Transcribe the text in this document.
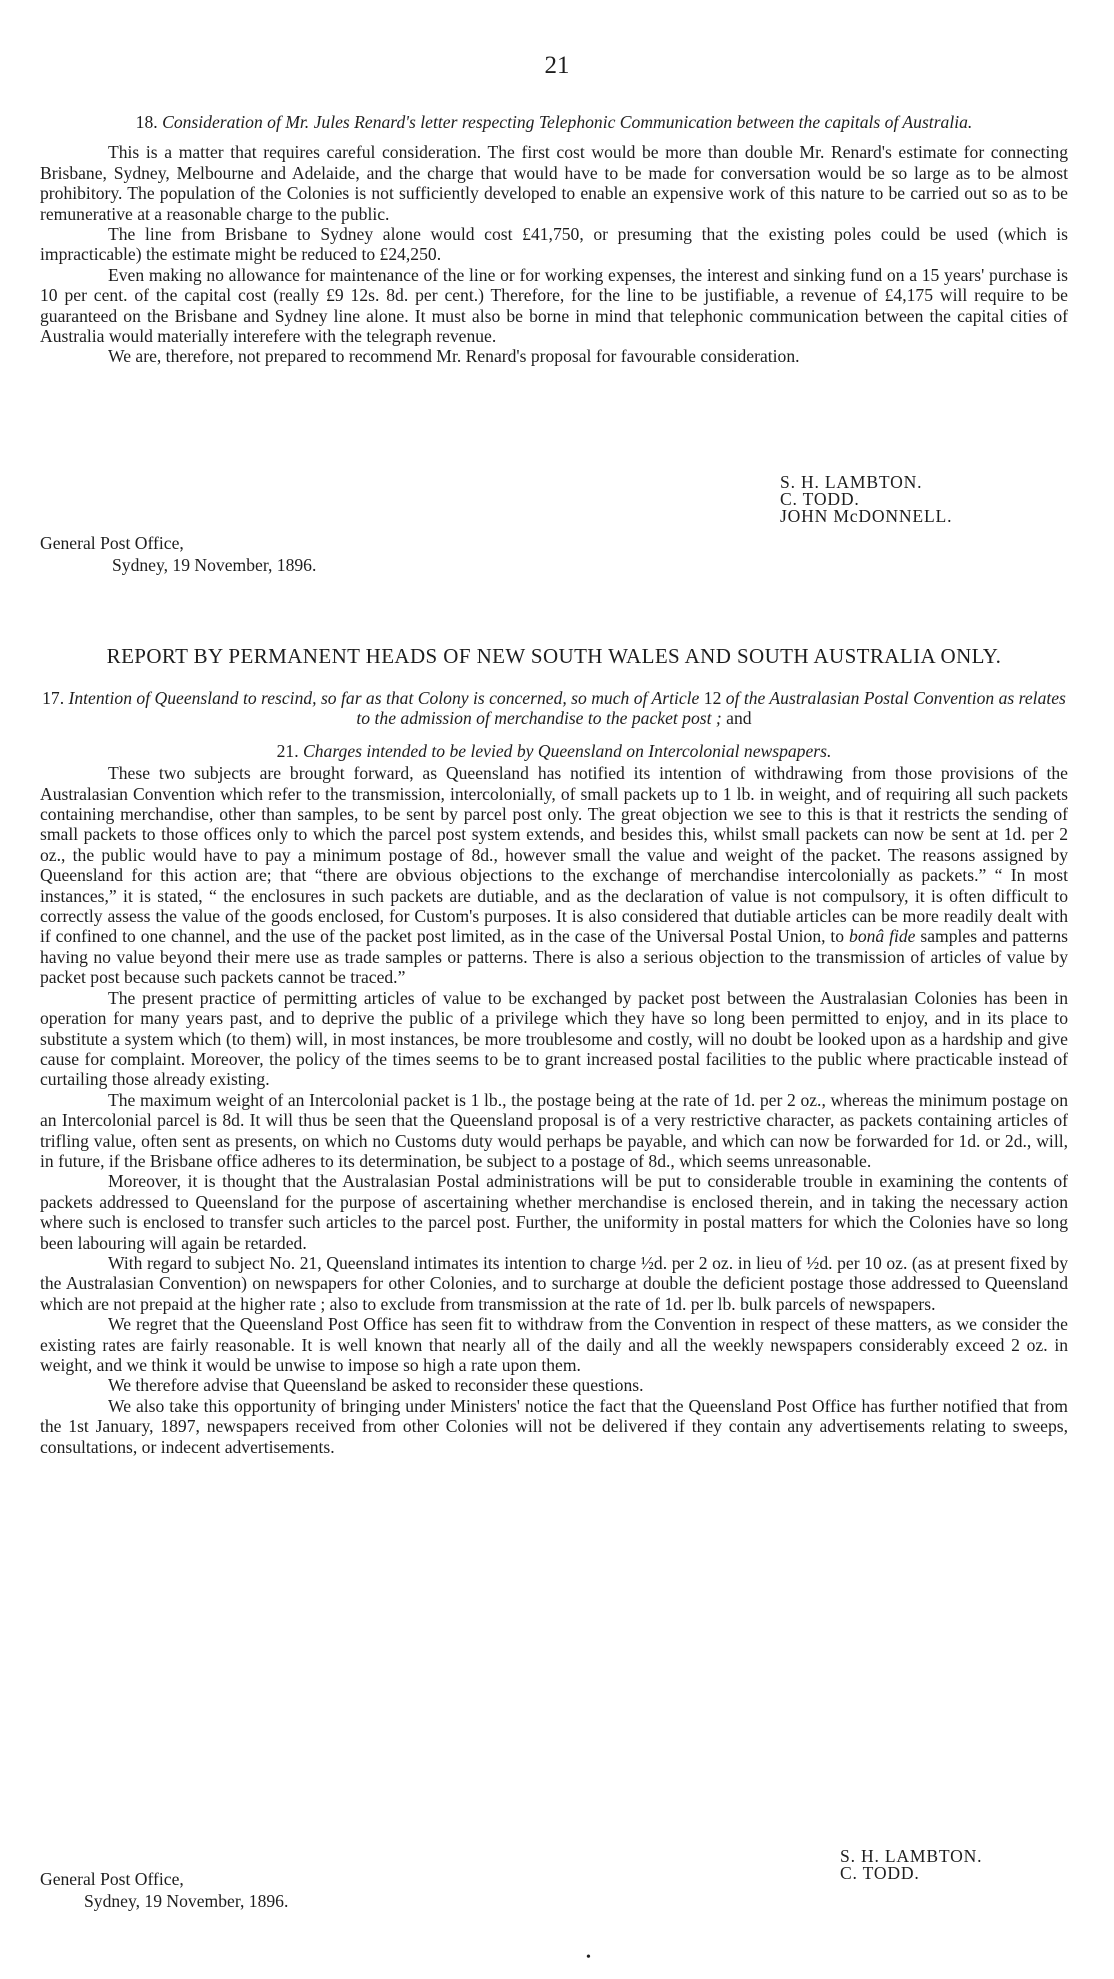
21

18. Consideration of Mr. Jules Renard's letter respecting Telephonic Communication between the capitals of Australia.

This is a matter that requires careful consideration. The first cost would be more than double Mr. Renard's estimate for connecting Brisbane, Sydney, Melbourne and Adelaide, and the charge that would have to be made for conversation would be so large as to be almost prohibitory. The population of the Colonies is not sufficiently developed to enable an expensive work of this nature to be carried out so as to be remunerative at a reasonable charge to the public.

The line from Brisbane to Sydney alone would cost £41,750, or presuming that the existing poles could be used (which is impracticable) the estimate might be reduced to £24,250.

Even making no allowance for maintenance of the line or for working expenses, the interest and sinking fund on a 15 years' purchase is 10 per cent. of the capital cost (really £9 12s. 8d. per cent.) Therefore, for the line to be justifiable, a revenue of £4,175 will require to be guaranteed on the Brisbane and Sydney line alone. It must also be borne in mind that telephonic communication between the capital cities of Australia would materially interefere with the telegraph revenue.

We are, therefore, not prepared to recommend Mr. Renard's proposal for favourable consideration.

S. H. LAMBTON.
C. TODD.
JOHN McDONNELL.
General Post Office,
Sydney, 19 November, 1896.

REPORT BY PERMANENT HEADS OF NEW SOUTH WALES AND SOUTH AUSTRALIA ONLY.

17. Intention of Queensland to rescind, so far as that Colony is concerned, so much of Article 12 of the Australasian Postal Convention as relates to the admission of merchandise to the packet post ; and

21. Charges intended to be levied by Queensland on Intercolonial newspapers.

These two subjects are brought forward, as Queensland has notified its intention of withdrawing from those provisions of the Australasian Convention which refer to the transmission, intercolonially, of small packets up to 1 lb. in weight, and of requiring all such packets containing merchandise, other than samples, to be sent by parcel post only. The great objection we see to this is that it restricts the sending of small packets to those offices only to which the parcel post system extends, and besides this, whilst small packets can now be sent at 1d. per 2 oz., the public would have to pay a minimum postage of 8d., however small the value and weight of the packet. The reasons assigned by Queensland for this action are; that “there are obvious objections to the exchange of merchandise intercolonially as packets.” “ In most instances,” it is stated, “ the enclosures in such packets are dutiable, and as the declaration of value is not compulsory, it is often difficult to correctly assess the value of the goods enclosed, for Custom's purposes. It is also considered that dutiable articles can be more readily dealt with if confined to one channel, and the use of the packet post limited, as in the case of the Universal Postal Union, to bonâ fide samples and patterns having no value beyond their mere use as trade samples or patterns. There is also a serious objection to the transmission of articles of value by packet post because such packets cannot be traced.”

The present practice of permitting articles of value to be exchanged by packet post between the Australasian Colonies has been in operation for many years past, and to deprive the public of a privilege which they have so long been permitted to enjoy, and in its place to substitute a system which (to them) will, in most instances, be more troublesome and costly, will no doubt be looked upon as a hardship and give cause for complaint. Moreover, the policy of the times seems to be to grant increased postal facilities to the public where practicable instead of curtailing those already existing.

The maximum weight of an Intercolonial packet is 1 lb., the postage being at the rate of 1d. per 2 oz., whereas the minimum postage on an Intercolonial parcel is 8d. It will thus be seen that the Queensland proposal is of a very restrictive character, as packets containing articles of trifling value, often sent as presents, on which no Customs duty would perhaps be payable, and which can now be forwarded for 1d. or 2d., will, in future, if the Brisbane office adheres to its determination, be subject to a postage of 8d., which seems unreasonable.

Moreover, it is thought that the Australasian Postal administrations will be put to considerable trouble in examining the contents of packets addressed to Queensland for the purpose of ascertaining whether merchandise is enclosed therein, and in taking the necessary action where such is enclosed to transfer such articles to the parcel post. Further, the uniformity in postal matters for which the Colonies have so long been labouring will again be retarded.

With regard to subject No. 21, Queensland intimates its intention to charge ½d. per 2 oz. in lieu of ½d. per 10 oz. (as at present fixed by the Australasian Convention) on newspapers for other Colonies, and to surcharge at double the deficient postage those addressed to Queensland which are not prepaid at the higher rate ; also to exclude from transmission at the rate of 1d. per lb. bulk parcels of newspapers.

We regret that the Queensland Post Office has seen fit to withdraw from the Convention in respect of these matters, as we consider the existing rates are fairly reasonable. It is well known that nearly all of the daily and all the weekly newspapers considerably exceed 2 oz. in weight, and we think it would be unwise to impose so high a rate upon them.

We therefore advise that Queensland be asked to reconsider these questions.

We also take this opportunity of bringing under Ministers' notice the fact that the Queensland Post Office has further notified that from the 1st January, 1897, newspapers received from other Colonies will not be delivered if they contain any advertisements relating to sweeps, consultations, or indecent advertisements.

S. H. LAMBTON.
C. TODD.
General Post Office,
Sydney, 19 November, 1896.
•
